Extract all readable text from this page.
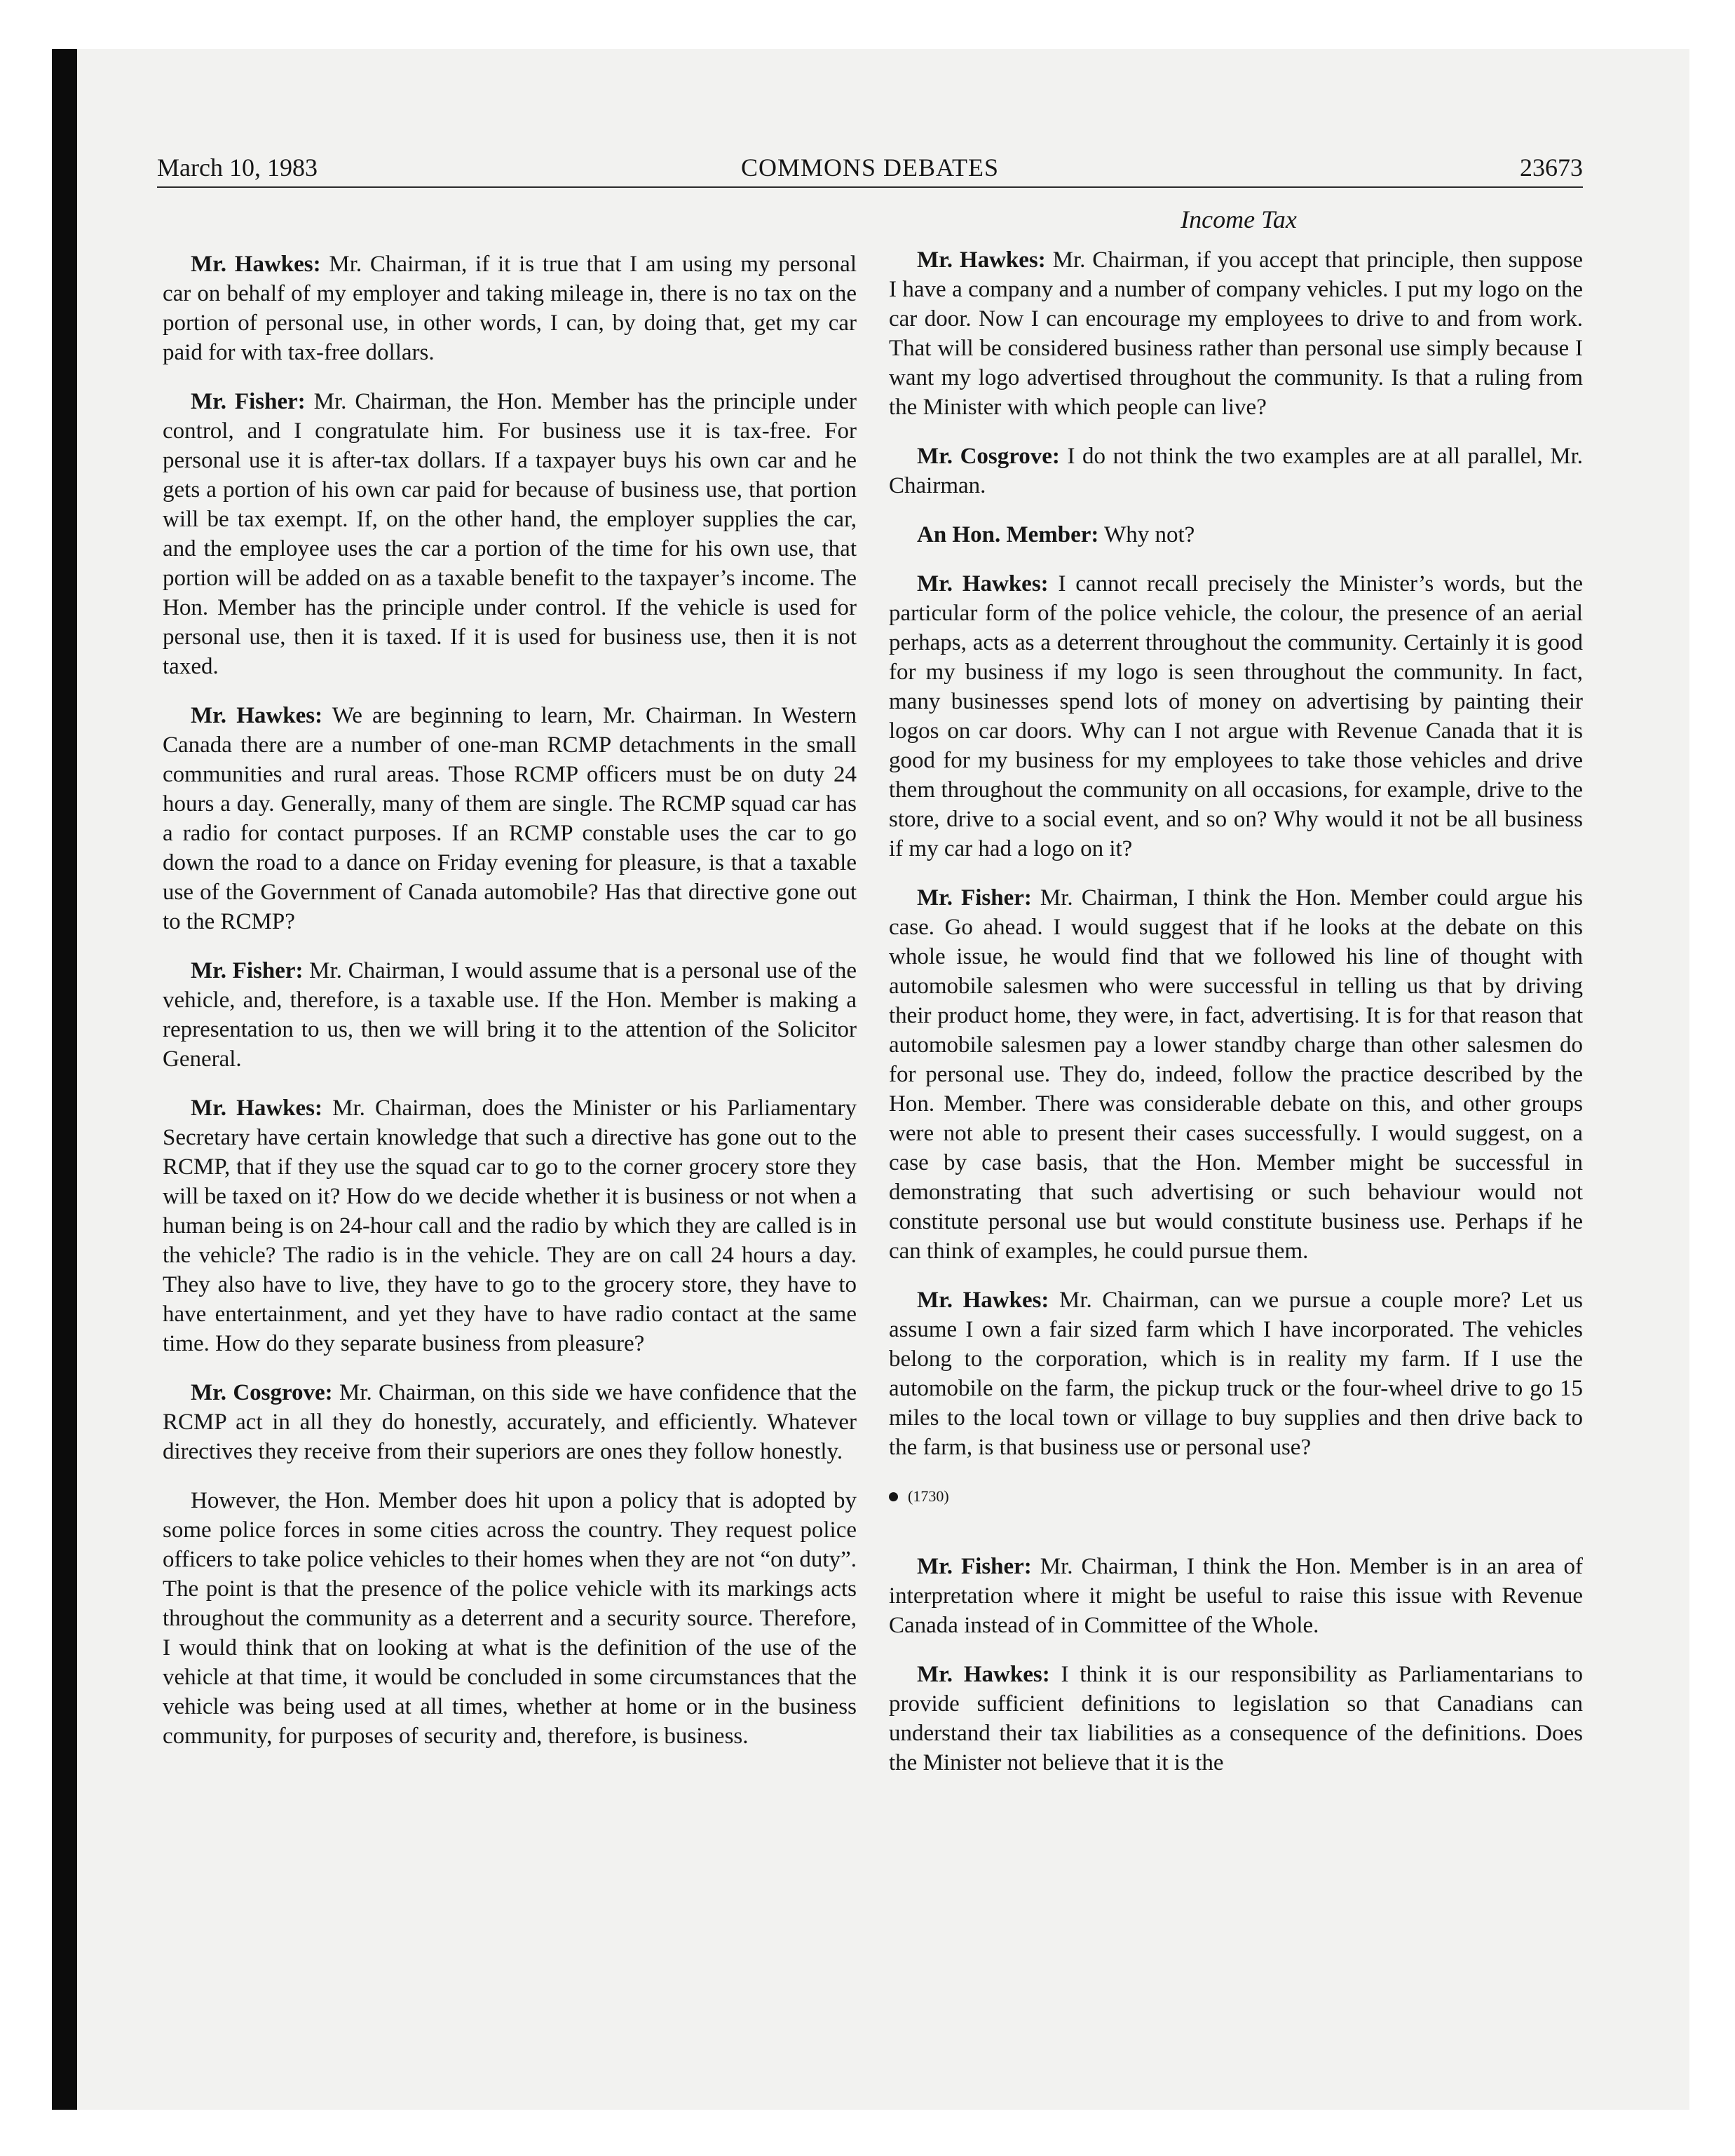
COMMONS DEBATES
March 10, 1983	23673
Income Tax

Mr. Hawkes: Mr. Chairman, if it is true that I am using my personal car on behalf of my employer and taking mileage in, there is no tax on the portion of personal use, in other words, I can, by doing that, get my car paid for with tax-free dollars.

Mr. Fisher: Mr. Chairman, the Hon. Member has the principle under control, and I congratulate him. For business use it is tax-free. For personal use it is after-tax dollars. If a taxpayer buys his own car and he gets a portion of his own car paid for because of business use, that portion will be tax exempt. If, on the other hand, the employer supplies the car, and the employee uses the car a portion of the time for his own use, that portion will be added on as a taxable benefit to the taxpayer’s income. The Hon. Member has the principle under control. If the vehicle is used for personal use, then it is taxed. If it is used for business use, then it is not taxed.

Mr. Hawkes: We are beginning to learn, Mr. Chairman. In Western Canada there are a number of one-man RCMP detachments in the small communities and rural areas. Those RCMP officers must be on duty 24 hours a day. Generally, many of them are single. The RCMP squad car has a radio for contact purposes. If an RCMP constable uses the car to go down the road to a dance on Friday evening for pleasure, is that a taxable use of the Government of Canada automobile? Has that directive gone out to the RCMP?

Mr. Fisher: Mr. Chairman, I would assume that is a personal use of the vehicle, and, therefore, is a taxable use. If the Hon. Member is making a representation to us, then we will bring it to the attention of the Solicitor General.

Mr. Hawkes: Mr. Chairman, does the Minister or his Parliamentary Secretary have certain knowledge that such a directive has gone out to the RCMP, that if they use the squad car to go to the corner grocery store they will be taxed on it? How do we decide whether it is business or not when a human being is on 24-hour call and the radio by which they are called is in the vehicle? The radio is in the vehicle. They are on call 24 hours a day. They also have to live, they have to go to the grocery store, they have to have entertainment, and yet they have to have radio contact at the same time. How do they separate business from pleasure?

Mr. Cosgrove: Mr. Chairman, on this side we have confidence that the RCMP act in all they do honestly, accurately, and efficiently. Whatever directives they receive from their superiors are ones they follow honestly.

However, the Hon. Member does hit upon a policy that is adopted by some police forces in some cities across the country. They request police officers to take police vehicles to their homes when they are not “on duty”. The point is that the presence of the police vehicle with its markings acts throughout the community as a deterrent and a security source. Therefore, I would think that on looking at what is the definition of the use of the vehicle at that time, it would be concluded in some circumstances that the vehicle was being used at all times, whether at home or in the business community, for purposes of security and, therefore, is business.

Mr. Hawkes: Mr. Chairman, if you accept that principle, then suppose I have a company and a number of company vehicles. I put my logo on the car door. Now I can encourage my employees to drive to and from work. That will be considered business rather than personal use simply because I want my logo advertised throughout the community. Is that a ruling from the Minister with which people can live?

Mr. Cosgrove: I do not think the two examples are at all parallel, Mr. Chairman.

An Hon. Member: Why not?

Mr. Hawkes: I cannot recall precisely the Minister’s words, but the particular form of the police vehicle, the colour, the presence of an aerial perhaps, acts as a deterrent throughout the community. Certainly it is good for my business if my logo is seen throughout the community. In fact, many businesses spend lots of money on advertising by painting their logos on car doors. Why can I not argue with Revenue Canada that it is good for my business for my employees to take those vehicles and drive them throughout the community on all occasions, for example, drive to the store, drive to a social event, and so on? Why would it not be all business if my car had a logo on it?

Mr. Fisher: Mr. Chairman, I think the Hon. Member could argue his case. Go ahead. I would suggest that if he looks at the debate on this whole issue, he would find that we followed his line of thought with automobile salesmen who were successful in telling us that by driving their product home, they were, in fact, advertising. It is for that reason that automobile salesmen pay a lower standby charge than other salesmen do for personal use. They do, indeed, follow the practice described by the Hon. Member. There was considerable debate on this, and other groups were not able to present their cases successfully. I would suggest, on a case by case basis, that the Hon. Member might be successful in demonstrating that such advertising or such behaviour would not constitute personal use but would constitute business use. Perhaps if he can think of examples, he could pursue them.

Mr. Hawkes: Mr. Chairman, can we pursue a couple more? Let us assume I own a fair sized farm which I have incorporated. The vehicles belong to the corporation, which is in reality my farm. If I use the automobile on the farm, the pickup truck or the four-wheel drive to go 15 miles to the local town or village to buy supplies and then drive back to the farm, is that business use or personal use?

(1730)

Mr. Fisher: Mr. Chairman, I think the Hon. Member is in an area of interpretation where it might be useful to raise this issue with Revenue Canada instead of in Committee of the Whole.

Mr. Hawkes: I think it is our responsibility as Parliamentarians to provide sufficient definitions to legislation so that Canadians can understand their tax liabilities as a consequence of the definitions. Does the Minister not believe that it is the
